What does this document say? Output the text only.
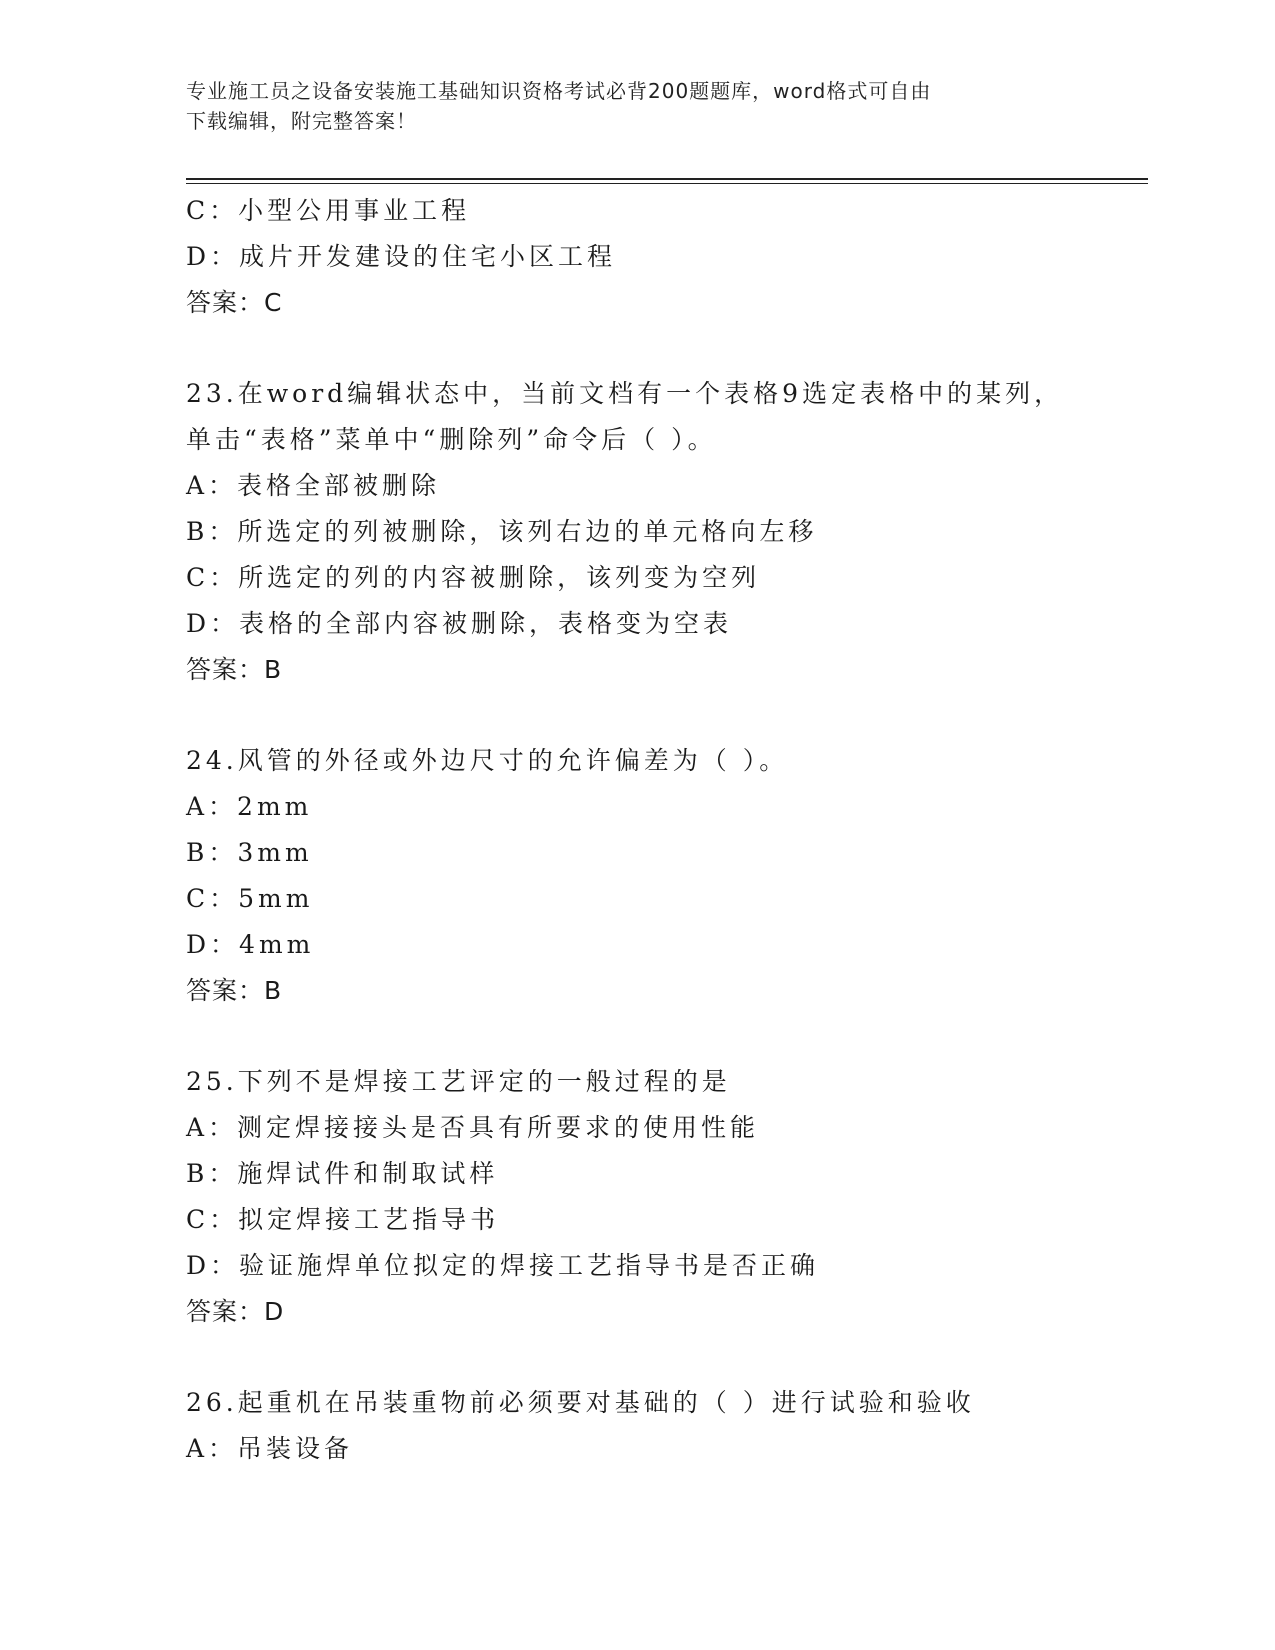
专业施工员之设备安装施工基础知识资格考试必背200题题库，word格式可自由
下载编辑，附完整答案！
C：小型公用事业工程
D：成片开发建设的住宅小区工程
答案：C
23.在word编辑状态中，当前文档有一个表格9选定表格中的某列，
单击“表格”菜单中“删除列”命令后（ ）。
A：表格全部被删除
B：所选定的列被删除，该列右边的单元格向左移
C：所选定的列的内容被删除，该列变为空列
D：表格的全部内容被删除，表格变为空表
答案：B
24.风管的外径或外边尺寸的允许偏差为（ ）。
A：2mm
B：3mm
C：5mm
D：4mm
答案：B
25.下列不是焊接工艺评定的一般过程的是
A：测定焊接接头是否具有所要求的使用性能
B：施焊试件和制取试样
C：拟定焊接工艺指导书
D：验证施焊单位拟定的焊接工艺指导书是否正确
答案：D
26.起重机在吊装重物前必须要对基础的（ ）进行试验和验收
A：吊装设备
